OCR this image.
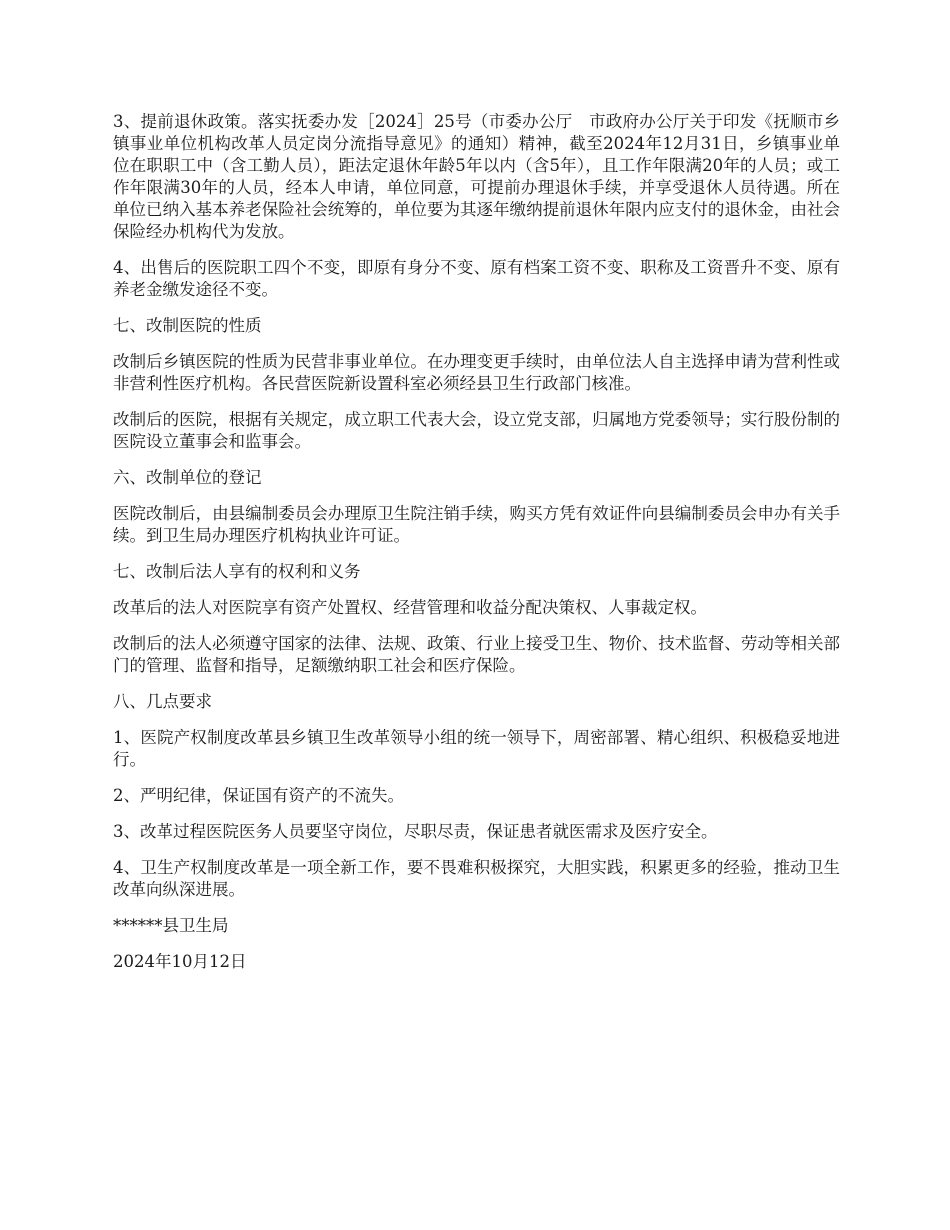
3、提前退休政策。落实抚委办发［2024］25号（市委办公厅　市政府办公厅关于印发《抚顺市乡镇事业单位机构改革人员定岗分流指导意见》的通知）精神，截至2024年12月31日，乡镇事业单位在职职工中（含工勤人员），距法定退休年龄5年以内（含5年），且工作年限满20年的人员；或工作年限满30年的人员，经本人申请，单位同意，可提前办理退休手续，并享受退休人员待遇。所在单位已纳入基本养老保险社会统筹的，单位要为其逐年缴纳提前退休年限内应支付的退休金，由社会保险经办机构代为发放。

4、出售后的医院职工四个不变，即原有身分不变、原有档案工资不变、职称及工资晋升不变、原有养老金缴发途径不变。

七、改制医院的性质

改制后乡镇医院的性质为民营非事业单位。在办理变更手续时，由单位法人自主选择申请为营利性或非营利性医疗机构。各民营医院新设置科室必须经县卫生行政部门核准。

改制后的医院，根据有关规定，成立职工代表大会，设立党支部，归属地方党委领导；实行股份制的医院设立董事会和监事会。

六、改制单位的登记

医院改制后，由县编制委员会办理原卫生院注销手续，购买方凭有效证件向县编制委员会申办有关手续。到卫生局办理医疗机构执业许可证。

七、改制后法人享有的权利和义务

改革后的法人对医院享有资产处置权、经营管理和收益分配决策权、人事裁定权。

改制后的法人必须遵守国家的法律、法规、政策、行业上接受卫生、物价、技术监督、劳动等相关部门的管理、监督和指导，足额缴纳职工社会和医疗保险。

八、几点要求

1、医院产权制度改革县乡镇卫生改革领导小组的统一领导下，周密部署、精心组织、积极稳妥地进行。

2、严明纪律，保证国有资产的不流失。

3、改革过程医院医务人员要坚守岗位，尽职尽责，保证患者就医需求及医疗安全。

4、卫生产权制度改革是一项全新工作，要不畏难积极探究，大胆实践，积累更多的经验，推动卫生改革向纵深进展。

******县卫生局

2024年10月12日
